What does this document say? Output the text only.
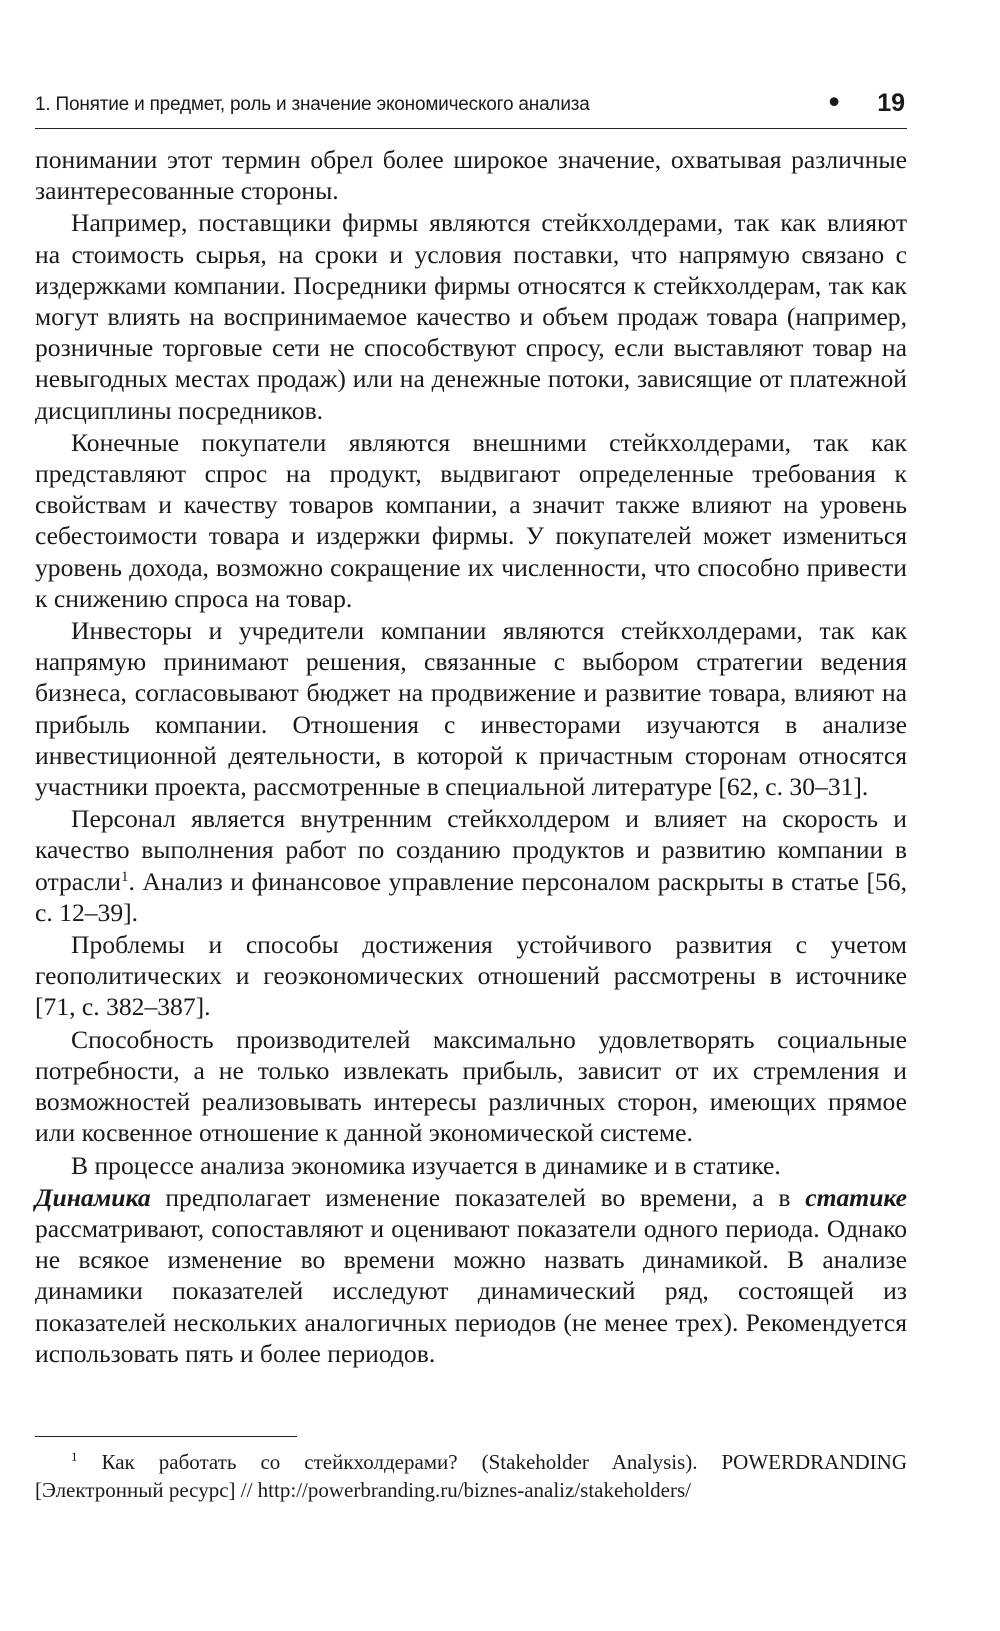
1. Понятие и предмет, роль и значение экономического анализа	• 19

понимании этот термин обрел более широкое значение, охватывая различные заинтересованные стороны.

Например, поставщики фирмы являются стейкхолдерами, так как влияют на стоимость сырья, на сроки и условия поставки, что напрямую связано с издержками компании. Посредники фирмы относятся к стейкхолдерам, так как могут влиять на воспринимаемое качество и объем продаж товара (например, розничные торговые сети не способствуют спросу, если выставляют товар на невыгодных местах продаж) или на денежные потоки, зависящие от платежной дисциплины посредников.

Конечные покупатели являются внешними стейкхолдерами, так как представляют спрос на продукт, выдвигают определенные требования к свойствам и качеству товаров компании, а значит также влияют на уровень себестоимости товара и издержки фирмы. У покупателей может измениться уровень дохода, возможно сокращение их численности, что способно привести к снижению спроса на товар.

Инвесторы и учредители компании являются стейкхолдерами, так как напрямую принимают решения, связанные с выбором стратегии ведения бизнеса, согласовывают бюджет на продвижение и развитие товара, влияют на прибыль компании. Отношения с инвесторами изучаются в анализе инвестиционной деятельности, в которой к причастным сторонам относятся участники проекта, рассмотренные в специальной литературе [62, с. 30–31].

Персонал является внутренним стейкхолдером и влияет на скорость и качество выполнения работ по созданию продуктов и развитию компании в отрасли$^1$. Анализ и финансовое управление персоналом раскрыты в статье [56, с. 12–39].

Проблемы и способы достижения устойчивого развития с учетом геополитических и геоэкономических отношений рассмотрены в источнике [71, с. 382–387].

Способность производителей максимально удовлетворять социальные потребности, а не только извлекать прибыль, зависит от их стремления и возможностей реализовывать интересы различных сторон, имеющих прямое или косвенное отношение к данной экономической системе.

В процессе анализа экономика изучается в динамике и в статике.

Динамика предполагает изменение показателей во времени, а в статике рассматривают, сопоставляют и оценивают показатели одного периода. Однако не всякое изменение во времени можно назвать динамикой. В анализе динамики показателей исследуют динамический ряд, состоящей из показателей нескольких аналогичных периодов (не менее трех). Рекомендуется использовать пять и более периодов.

$^1$ Как работать со стейкхолдерами? (Stakeholder Analysis). POWERDRANDING [Электронный ресурс] // http://powerbranding.ru/biznes-analiz/stakeholders/
